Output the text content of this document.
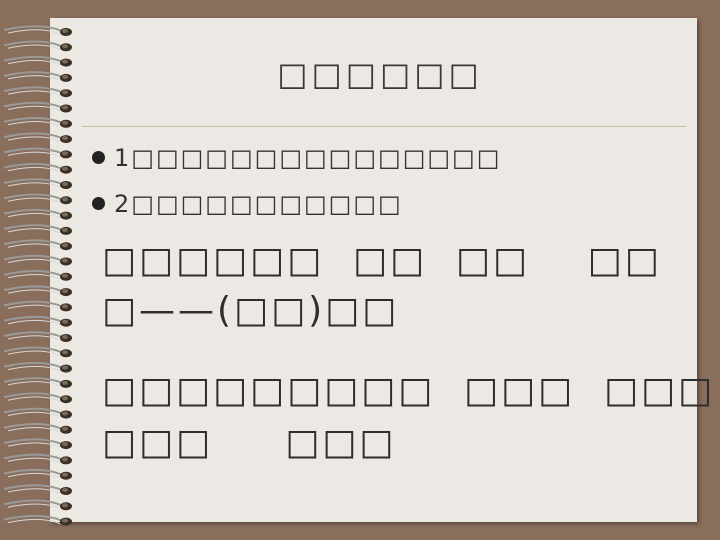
□□□□□□
1□□□□□□□□□□□□□□□
2□□□□□□□□□□□
□□□□□□  □□  □□    □□
□——(□□)□□
□□□□□□□□□  □□□  □□□
□□□     □□□
